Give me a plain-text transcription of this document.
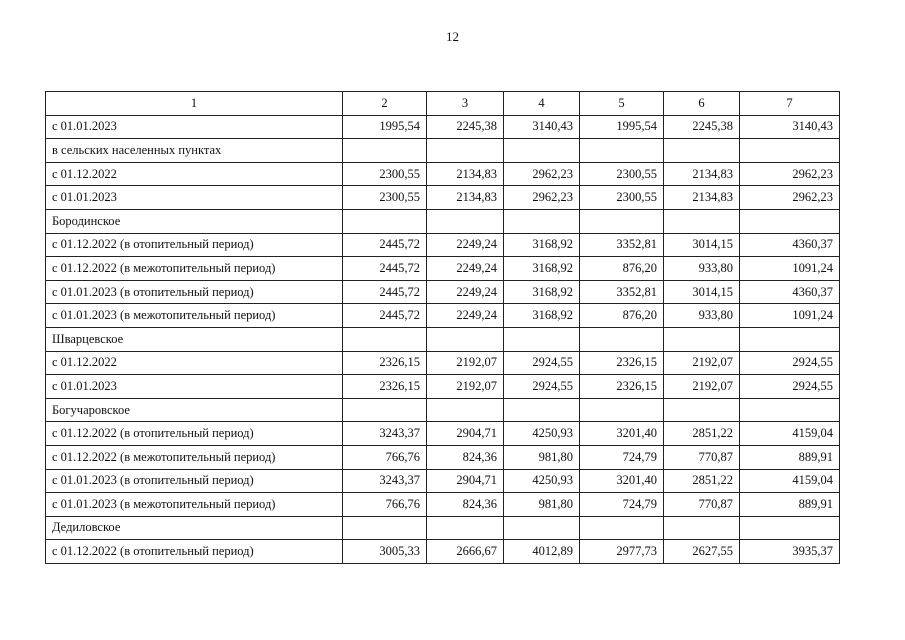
12
1	2	3	4	5	6	7
с 01.01.2023	1995,54	2245,38	3140,43	1995,54	2245,38	3140,43
в сельских населенных пунктах						
с 01.12.2022	2300,55	2134,83	2962,23	2300,55	2134,83	2962,23
с 01.01.2023	2300,55	2134,83	2962,23	2300,55	2134,83	2962,23
Бородинское						
с 01.12.2022 (в отопительный период)	2445,72	2249,24	3168,92	3352,81	3014,15	4360,37
с 01.12.2022 (в межотопительный период)	2445,72	2249,24	3168,92	876,20	933,80	1091,24
с 01.01.2023 (в отопительный период)	2445,72	2249,24	3168,92	3352,81	3014,15	4360,37
с 01.01.2023 (в межотопительный период)	2445,72	2249,24	3168,92	876,20	933,80	1091,24
Шварцевское						
с 01.12.2022	2326,15	2192,07	2924,55	2326,15	2192,07	2924,55
с 01.01.2023	2326,15	2192,07	2924,55	2326,15	2192,07	2924,55
Богучаровское						
с 01.12.2022 (в отопительный период)	3243,37	2904,71	4250,93	3201,40	2851,22	4159,04
с 01.12.2022 (в межотопительный период)	766,76	824,36	981,80	724,79	770,87	889,91
с 01.01.2023 (в отопительный период)	3243,37	2904,71	4250,93	3201,40	2851,22	4159,04
с 01.01.2023 (в межотопительный период)	766,76	824,36	981,80	724,79	770,87	889,91
Дедиловское						
с 01.12.2022 (в отопительный период)	3005,33	2666,67	4012,89	2977,73	2627,55	3935,37
